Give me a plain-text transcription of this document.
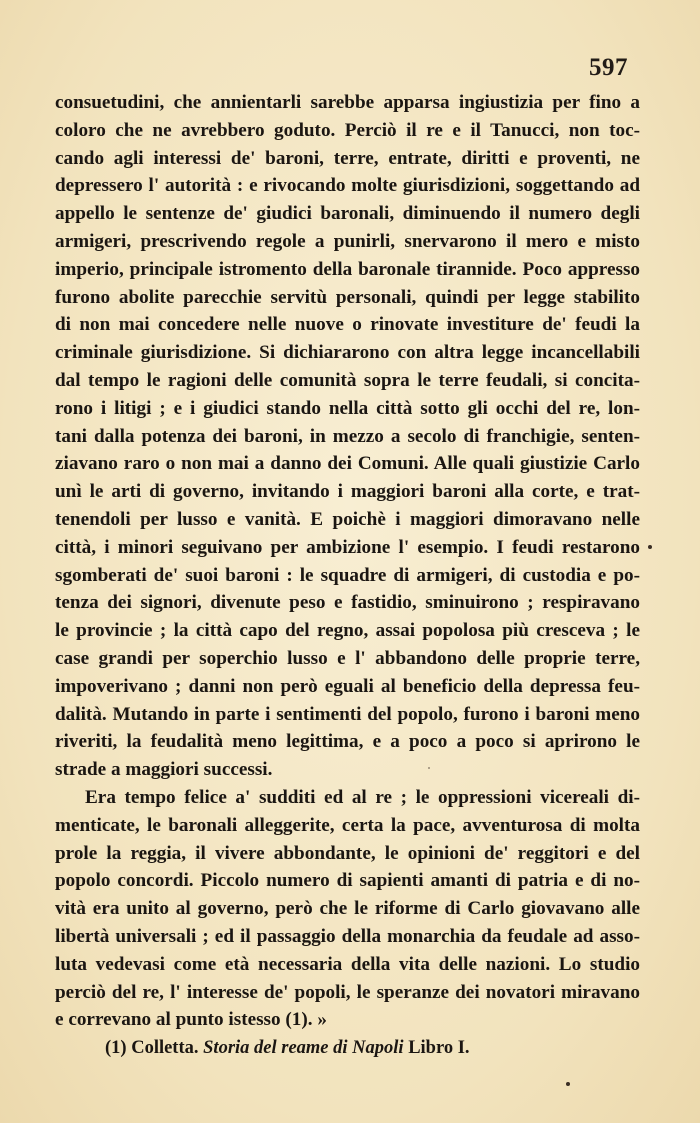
597
consuetudini, che annientarli sarebbe apparsa ingiustizia per fino a
coloro che ne avrebbero goduto. Perciò il re e il Tanucci, non toc-
cando agli interessi de' baroni, terre, entrate, diritti e proventi, ne
depressero l' autorità : e rivocando molte giurisdizioni, soggettando ad
appello le sentenze de' giudici baronali, diminuendo il numero degli
armigeri, prescrivendo regole a punirli, snervarono il mero e misto
imperio, principale istromento della baronale tirannide. Poco appresso
furono abolite parecchie servitù personali, quindi per legge stabilito
di non mai concedere nelle nuove o rinovate investiture de' feudi la
criminale giurisdizione. Si dichiararono con altra legge incancellabili
dal tempo le ragioni delle comunità sopra le terre feudali, si concita-
rono i litigi ; e i giudici stando nella città sotto gli occhi del re, lon-
tani dalla potenza dei baroni, in mezzo a secolo di franchigie, senten-
ziavano raro o non mai a danno dei Comuni. Alle quali giustizie Carlo
unì le arti di governo, invitando i maggiori baroni alla corte, e trat-
tenendoli per lusso e vanità. E poichè i maggiori dimoravano nelle
città, i minori seguivano per ambizione l' esempio. I feudi restarono
sgomberati de' suoi baroni : le squadre di armigeri, di custodia e po-
tenza dei signori, divenute peso e fastidio, sminuirono ; respiravano
le provincie ; la città capo del regno, assai popolosa più cresceva ; le
case grandi per soperchio lusso e l' abbandono delle proprie terre,
impoverivano ; danni non però eguali al beneficio della depressa feu-
dalità. Mutando in parte i sentimenti del popolo, furono i baroni meno
riveriti, la feudalità meno legittima, e a poco a poco si aprirono le
strade a maggiori successi.
Era tempo felice a' sudditi ed al re ; le oppressioni vicereali di-
menticate, le baronali alleggerite, certa la pace, avventurosa di molta
prole la reggia, il vivere abbondante, le opinioni de' reggitori e del
popolo concordi. Piccolo numero di sapienti amanti di patria e di no-
vità era unito al governo, però che le riforme di Carlo giovavano alle
libertà universali ; ed il passaggio della monarchia da feudale ad asso-
luta vedevasi come età necessaria della vita delle nazioni. Lo studio
perciò del re, l' interesse de' popoli, le speranze dei novatori miravano
e correvano al punto istesso (1). »
(1) Colletta. Storia del reame di Napoli Libro I.
